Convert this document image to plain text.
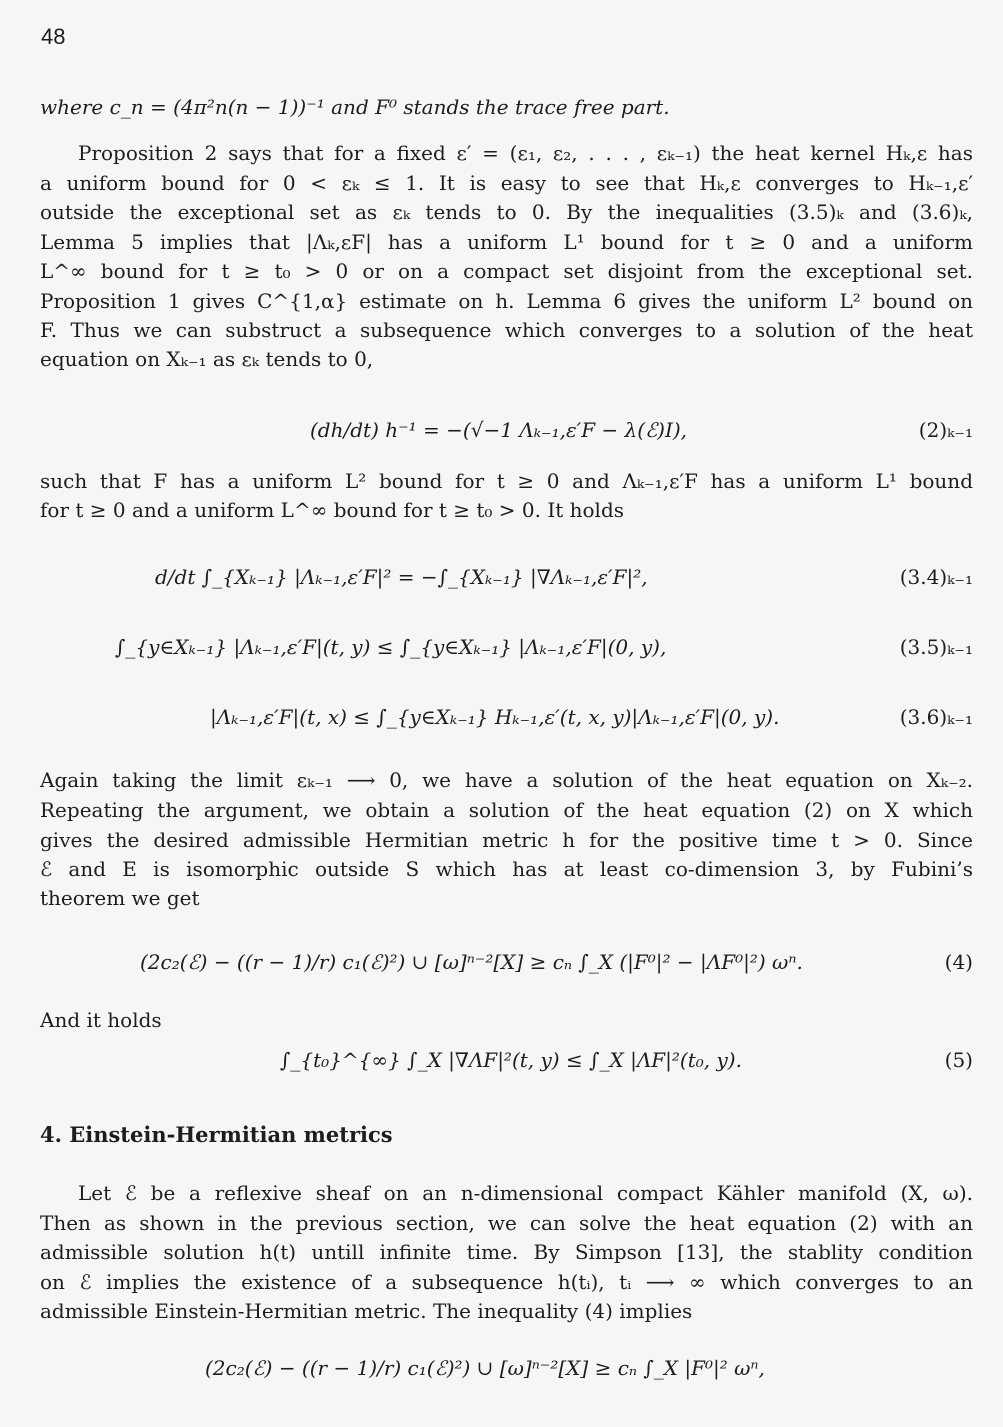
48
where c_n = (4π²n(n − 1))⁻¹ and F⁰ stands the trace free part.
Proposition 2 says that for a fixed ε′ = (ε₁, ε₂, . . . , εₖ₋₁) the heat kernel Hₖ,ε has
a uniform bound for 0 < εₖ ≤ 1. It is easy to see that Hₖ,ε converges to Hₖ₋₁,ε′
outside the exceptional set as εₖ tends to 0. By the inequalities (3.5)ₖ and (3.6)ₖ,
Lemma 5 implies that |Λₖ,εF| has a uniform L¹ bound for t ≥ 0 and a uniform
L^∞ bound for t ≥ t₀ > 0 or on a compact set disjoint from the exceptional set.
Proposition 1 gives C^{1,α} estimate on h. Lemma 6 gives the uniform L² bound on
F. Thus we can substruct a subsequence which converges to a solution of the heat
equation on Xₖ₋₁ as εₖ tends to 0,
(dh/dt) h⁻¹ = −(√−1 Λₖ₋₁,ε′F − λ(ℰ)I),	(2)ₖ₋₁
such that F has a uniform L² bound for t ≥ 0 and Λₖ₋₁,ε′F has a uniform L¹ bound
for t ≥ 0 and a uniform L^∞ bound for t ≥ t₀ > 0. It holds
d/dt ∫_{Xₖ₋₁} |Λₖ₋₁,ε′F|² = −∫_{Xₖ₋₁} |∇Λₖ₋₁,ε′F|²,	(3.4)ₖ₋₁
∫_{y∈Xₖ₋₁} |Λₖ₋₁,ε′F|(t, y) ≤ ∫_{y∈Xₖ₋₁} |Λₖ₋₁,ε′F|(0, y),	(3.5)ₖ₋₁
|Λₖ₋₁,ε′F|(t, x) ≤ ∫_{y∈Xₖ₋₁} Hₖ₋₁,ε′(t, x, y)|Λₖ₋₁,ε′F|(0, y).	(3.6)ₖ₋₁
Again taking the limit εₖ₋₁ ⟶ 0, we have a solution of the heat equation on Xₖ₋₂.
Repeating the argument, we obtain a solution of the heat equation (2) on X which
gives the desired admissible Hermitian metric h for the positive time t > 0. Since
ℰ and E is isomorphic outside S which has at least co-dimension 3, by Fubini’s
theorem we get
(2c₂(ℰ) − ((r − 1)/r) c₁(ℰ)²) ∪ [ω]ⁿ⁻²[X] ≥ cₙ ∫_X (|F⁰|² − |ΛF⁰|²) ωⁿ.	(4)
And it holds
∫_{t₀}^{∞} ∫_X |∇ΛF|²(t, y) ≤ ∫_X |ΛF|²(t₀, y).	(5)
4. Einstein-Hermitian metrics
Let ℰ be a reflexive sheaf on an n-dimensional compact Kähler manifold (X, ω).
Then as shown in the previous section, we can solve the heat equation (2) with an
admissible solution h(t) untill infinite time. By Simpson [13], the stablity condition
on ℰ implies the existence of a subsequence h(tᵢ), tᵢ ⟶ ∞ which converges to an
admissible Einstein-Hermitian metric. The inequality (4) implies
(2c₂(ℰ) − ((r − 1)/r) c₁(ℰ)²) ∪ [ω]ⁿ⁻²[X] ≥ cₙ ∫_X |F⁰|² ωⁿ,
